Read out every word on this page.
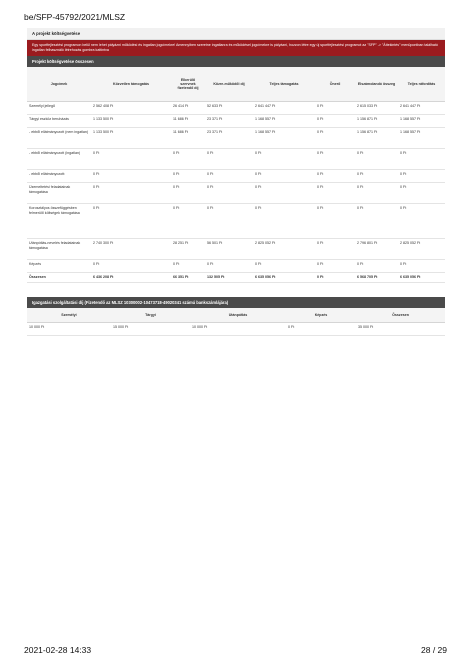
be/SFP-45792/2021/MLSZ
A projekt költségvetése
Egy sportfejlesztési programon belül nem lehet pályázni működési és ingatlan jogcímekre! Amennyiben szeretne ingatlanra és működésel jogcímekre is pályázni, hozzon létre egy új sportfejlesztési programot az "SFP" -> "Áttekintés" menüpontban található ingatlan felhasználó létrehozás gombra kattintva
Projekt költségvetése összesen
Jogcímek	Közvetlen támogatás	Elkerülő szervnek fizetendő díj	Közre-működői díj	Teljes támogatás	Önerő	Elszámolandó összeg	Teljes ráfordítás
Személyi jellegű	2 562 408 Ft	26 414 Ft	52 633 Ft	2 641 447 Ft	0 Ft	2 615 033 Ft	2 641 447 Ft
Tárgyi eszköz beruházás	1 133 500 Ft	11 686 Ft	23 371 Ft	1 168 557 Ft	0 Ft	1 156 871 Ft	1 168 557 Ft
- ebből ellátmányozott (nem ingatlan)	1 133 500 Ft	11 686 Ft	23 371 Ft	1 168 557 Ft	0 Ft	1 156 871 Ft	1 168 557 Ft
- ebből ellátmányozott (ingatlan)	0 Ft	0 Ft	0 Ft	0 Ft	0 Ft	0 Ft	0 Ft
- ebből ellátmányozott:	0 Ft	0 Ft	0 Ft	0 Ft	0 Ft	0 Ft	0 Ft
Üzemeltetési feladatainak támogatása	0 Ft	0 Ft	0 Ft	0 Ft	0 Ft	0 Ft	0 Ft
Korosztályos összefüggésben felmerülő költségek támogatása	0 Ft	0 Ft	0 Ft	0 Ft	0 Ft	0 Ft	0 Ft
Utánpótlás-nevelés feladatainak támogatása	2 740 300 Ft	28 251 Ft	56 501 Ft	2 825 052 Ft	0 Ft	2 796 801 Ft	2 825 052 Ft
Képzés	0 Ft	0 Ft	0 Ft	0 Ft	0 Ft	0 Ft	0 Ft
Összesen	6 436 208 Ft	66 351 Ft	132 505 Ft	6 635 056 Ft	0 Ft	6 568 705 Ft	6 635 056 Ft
Igazgatási szolgáltatási díj (Fizetendő az MLSZ 10300002-10473718-49020341 számú bankszámlájára)
Személyi	Tárgyi	Utánpótlás	Képzés	Összesen
10 000 Ft	15 000 Ft	10 000 Ft	0 Ft	35 000 Ft
2021-02-28 14:33	28 / 29
